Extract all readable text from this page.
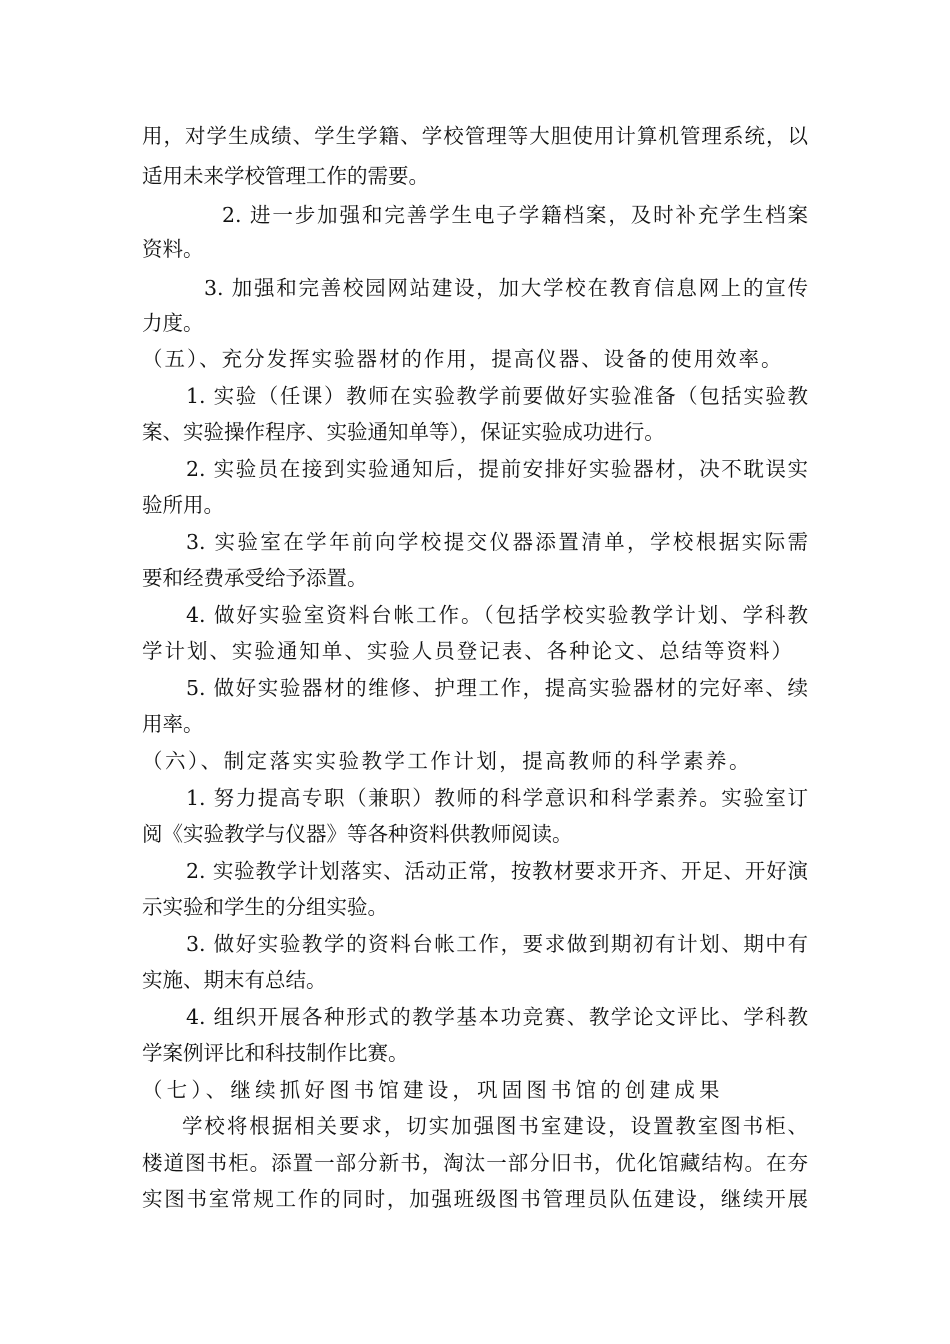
用，对学生成绩、学生学籍、学校管理等大胆使用计算机管理系统，以
适用未来学校管理工作的需要。
2. 进一步加强和完善学生电子学籍档案，及时补充学生档案
资料。
3. 加强和完善校园网站建设，加大学校在教育信息网上的宣传
力度。
（五）、充分发挥实验器材的作用，提高仪器、设备的使用效率。
1. 实验（任课）教师在实验教学前要做好实验准备（包括实验教
案、实验操作程序、实验通知单等），保证实验成功进行。
2. 实验员在接到实验通知后，提前安排好实验器材，决不耽误实
验所用。
3. 实验室在学年前向学校提交仪器添置清单，学校根据实际需
要和经费承受给予添置。
4. 做好实验室资料台帐工作。（包括学校实验教学计划、学科教
学计划、实验通知单、实验人员登记表、各种论文、总结等资料）
5. 做好实验器材的维修、护理工作，提高实验器材的完好率、续
用率。
（六）、制定落实实验教学工作计划，提高教师的科学素养。
1. 努力提高专职（兼职）教师的科学意识和科学素养。实验室订
阅《实验教学与仪器》等各种资料供教师阅读。
2. 实验教学计划落实、活动正常，按教材要求开齐、开足、开好演
示实验和学生的分组实验。
3. 做好实验教学的资料台帐工作，要求做到期初有计划、期中有
实施、期末有总结。
4. 组织开展各种形式的教学基本功竞赛、教学论文评比、学科教
学案例评比和科技制作比赛。
（七）、继续抓好图书馆建设，巩固图书馆的创建成果
学校将根据相关要求，切实加强图书室建设，设置教室图书柜、
楼道图书柜。添置一部分新书，淘汰一部分旧书，优化馆藏结构。在夯
实图书室常规工作的同时，加强班级图书管理员队伍建设，继续开展
